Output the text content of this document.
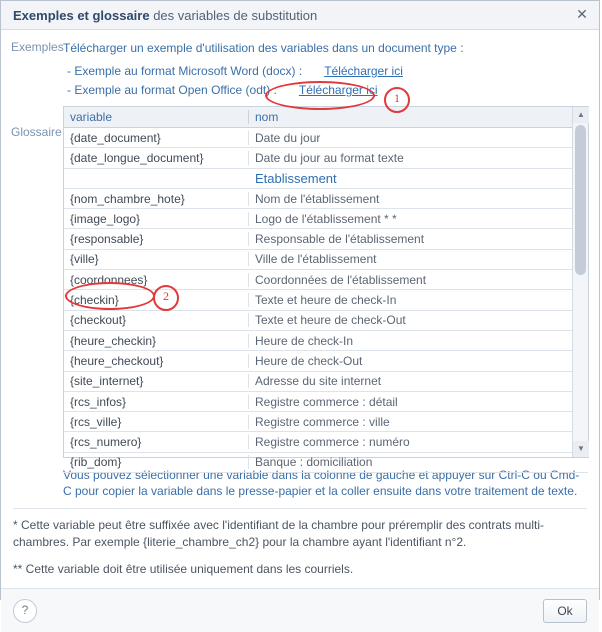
Exemples et glossaire des variables de substitution	✕
Exemples Télécharger un exemple d'utilisation des variables dans un document type :
- Exemple au format Microsoft Word (docx) : Télécharger ici
- Exemple au format Open Office (odt) : Télécharger ici
Glossaire
variable	nom
{date_document}	Date du jour
{date_longue_document}	Date du jour au format texte
Etablissement
{nom_chambre_hote}	Nom de l'établissement
{image_logo}	Logo de l'établissement * *
{responsable}	Responsable de l'établissement
{ville}	Ville de l'établissement
{coordonnees}	Coordonnées de l'établissement
{checkin}	Texte et heure de check-In
{checkout}	Texte et heure de check-Out
{heure_checkin}	Heure de check-In
{heure_checkout}	Heure de check-Out
{site_internet}	Adresse du site internet
{rcs_infos}	Registre commerce : détail
{rcs_ville}	Registre commerce : ville
{rcs_numero}	Registre commerce : numéro
{rib_dom}	Banque : domiciliation
▲
▼
Vous pouvez sélectionner une variable dans la colonne de gauche et appuyer sur Ctrl-C ou Cmd-C pour copier la variable dans le presse-papier et la coller ensuite dans votre traitement de texte.

* Cette variable peut être suffixée avec l'identifiant de la chambre pour préremplir des contrats multi-chambres. Par exemple {literie_chambre_ch2} pour la chambre ayant l'identifiant n°2.

** Cette variable doit être utilisée uniquement dans les courriels.

1
2
?	Ok
